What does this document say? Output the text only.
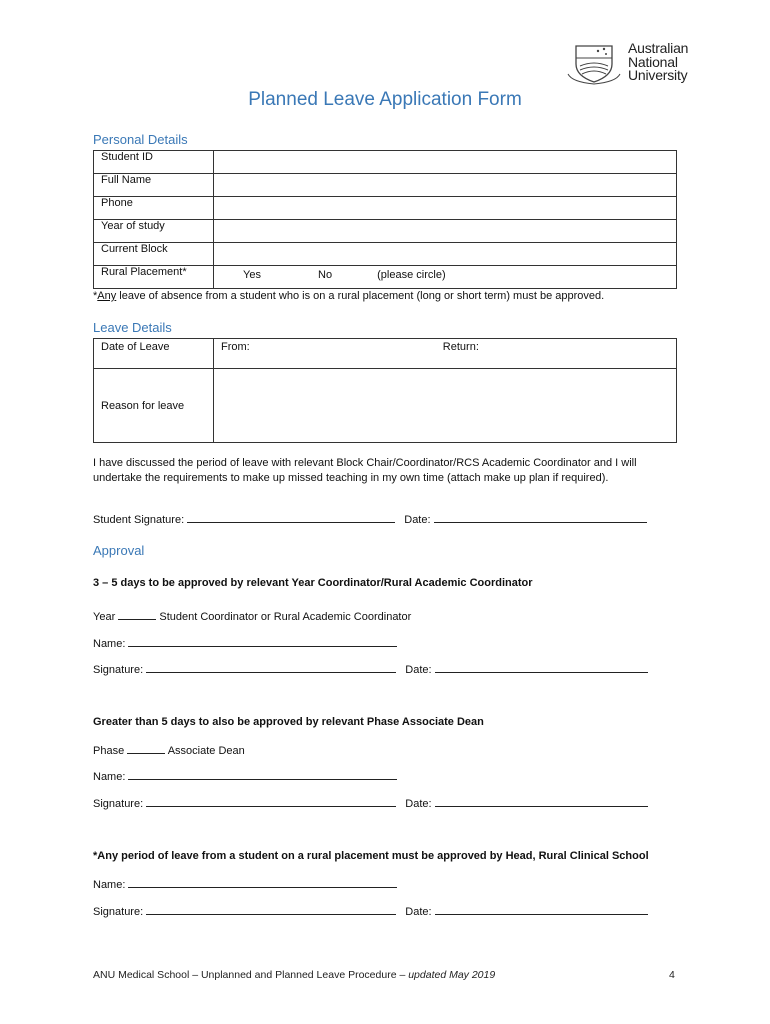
Australian
National
University
Planned Leave Application Form
Personal Details
Student ID	
Full Name	
Phone	
Year of study	
Current Block	
Rural Placement*	Yes No (please circle)
*Any leave of absence from a student who is on a rural placement (long or short term) must be approved.
Leave Details
Date of Leave	From: Return:
Reason for leave	
I have discussed the period of leave with relevant Block Chair/Coordinator/RCS Academic Coordinator and I will undertake the requirements to make up missed teaching in my own time (attach make up plan if required).
Student Signature:	Date:
Approval
3 – 5 days to be approved by relevant Year Coordinator/Rural Academic Coordinator
Year	Student Coordinator or Rural Academic Coordinator
Name:
Signature:	Date:
Greater than 5 days to also be approved by relevant Phase Associate Dean
Phase	Associate Dean
Name:
Signature:	Date:
*Any period of leave from a student on a rural placement must be approved by Head, Rural Clinical School
Name:
Signature:	Date:
ANU Medical School – Unplanned and Planned Leave Procedure – updated May 2019	4
